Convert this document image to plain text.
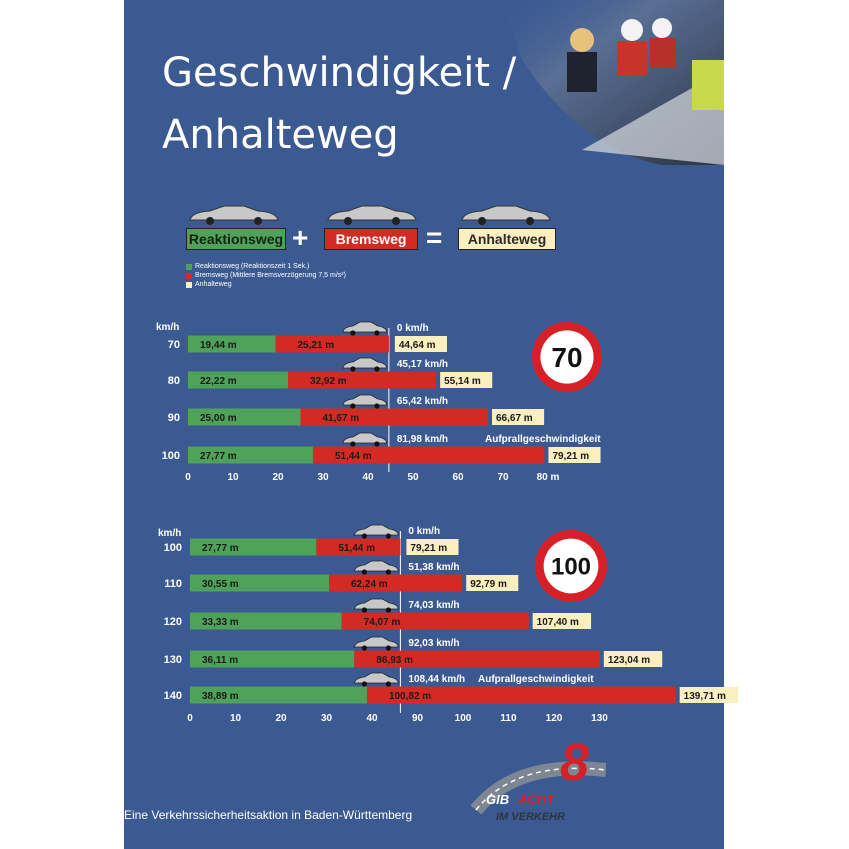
Geschwindigkeit /
Anhalteweg
Reaktionsweg +	Bremsweg =	Anhalteweg
Reaktionsweg (Reaktionszeit 1 Sek.)
Bremsweg (Mittlere Bremsverzögerung 7,5 m/s²)
Anhalteweg
km/h
70 19,44 m	25,21 m	44,64 m
0 km/h
80 22,22 m	32,92 m	55,14 m
45,17 km/h
90 25,00 m	41,67 m	66,67 m
65,42 km/h
100 27,77 m	51,44 m	79,21 m
81,98 km/h	Aufprallgeschwindigkeit
0	10	20	30	40	50	60	70	80 m
70
km/h
100 27,77 m	51,44 m	79,21 m
0 km/h
110 30,55 m	62,24 m	92,79 m
51,38 km/h
120 33,33 m	74,07 m	107,40 m
74,03 km/h
130 36,11 m	86,93 m	123,04 m
92,03 km/h
140 38,89 m	100,82 m	139,71 m
108,44 km/h Aufprallgeschwindigkeit
0	10	20	30	40	90	100	110	120	130
100
Eine Verkehrssicherheitsaktion in Baden-Württemberg
8
GIB ACHT
IM VERKEHR
